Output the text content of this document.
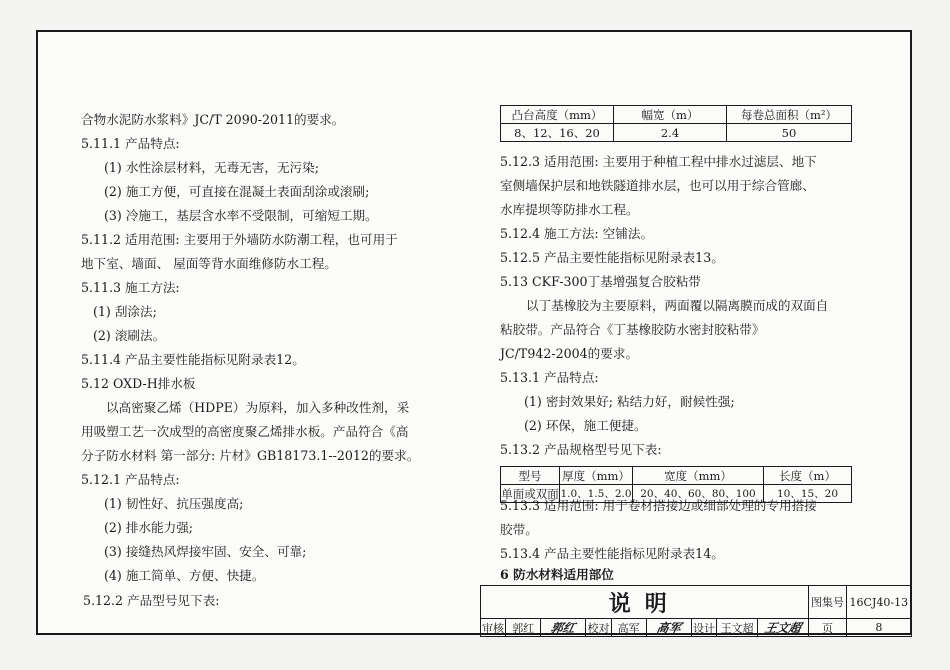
合物水泥防水浆料》JC/T 2090-2011的要求。
5.11.1 产品特点:
(1) 水性涂层材料，无毒无害，无污染;
(2) 施工方便，可直接在混凝土表面刮涂或滚刷;
(3) 冷施工，基层含水率不受限制，可缩短工期。
5.11.2 适用范围: 主要用于外墙防水防潮工程，也可用于
地下室、墙面、 屋面等背水面维修防水工程。
5.11.3 施工方法:
(1) 刮涂法;
(2) 滚刷法。
5.11.4 产品主要性能指标见附录表12。
5.12 OXD-H排水板
以高密聚乙烯（HDPE）为原料，加入多种改性剂，采
用吸塑工艺一次成型的高密度聚乙烯排水板。产品符合《高
分子防水材料 第一部分: 片材》GB18173.1--2012的要求。
5.12.1 产品特点:
(1) 韧性好、抗压强度高;
(2) 排水能力强;
(3) 接缝热风焊接牢固、安全、可靠;
(4) 施工简单、方便、快捷。
5.12.2 产品型号见下表:
凸台高度（mm）	幅宽（m）	每卷总面积（m²）
8、12、16、20	2.4	50
5.12.3 适用范围: 主要用于种植工程中排水过滤层、地下
室侧墙保护层和地铁隧道排水层，也可以用于综合管廊、
水库提坝等防排水工程。
5.12.4 施工方法: 空铺法。
5.12.5 产品主要性能指标见附录表13。
5.13 CKF-300丁基增强复合胶粘带
以丁基橡胶为主要原料，两面覆以隔离膜而成的双面自
粘胶带。产品符合《丁基橡胶防水密封胶粘带》
JC/T942-2004的要求。
5.13.1 产品特点:
(1) 密封效果好; 粘结力好，耐候性强;
(2) 环保，施工便捷。
5.13.2 产品规格型号见下表:
型号	厚度（mm）	宽度（mm）	长度（m）
单面或双面	1.0、1.5、2.0	20、40、60、80、100	10、15、20
5.13.3 适用范围: 用于卷材搭接边或细部处理的专用搭接
胶带。
5.13.4 产品主要性能指标见附录表14。
6 防水材料适用部位
说明									图集号	16CJ40-13
审核	郭红	郭红	校对	高军	高军	设计	王文超	王文超	页	8
